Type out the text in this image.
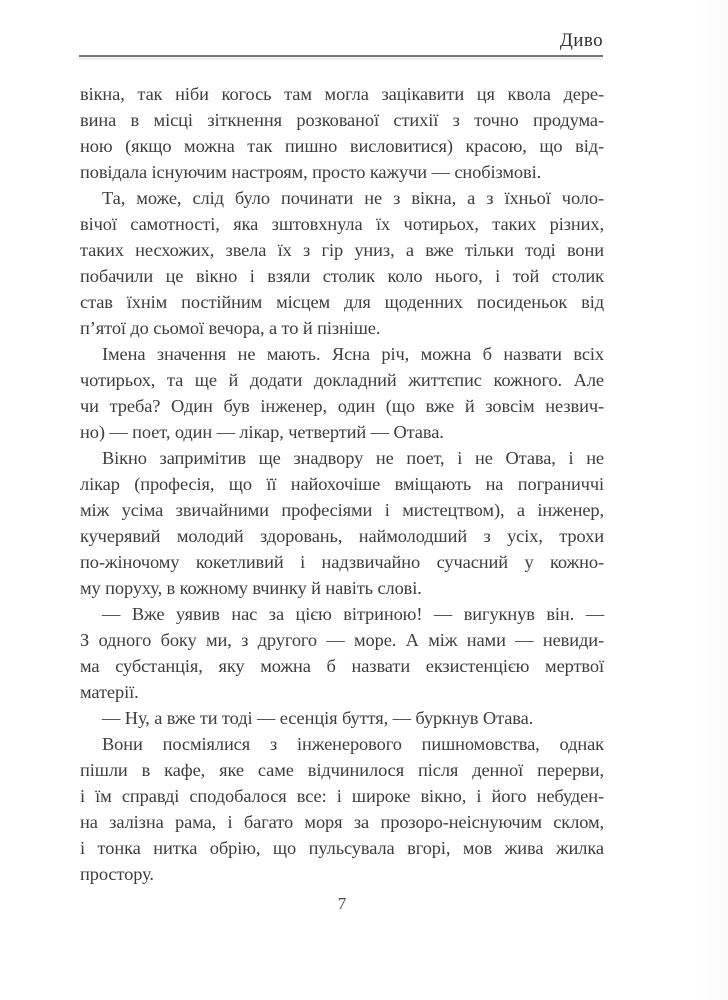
Диво
вікна, так ніби когось там могла зацікавити ця квола дере-
вина в місці зіткнення розкованої стихії з точно продума-
ною (якщо можна так пишно висловитися) красою, що від-
повідала існуючим настроям, просто кажучи — снобізмові.
Та, може, слід було починати не з вікна, а з їхньої чоло-
вічої самотності, яка зштовхнула їх чотирьох, таких різних,
таких несхожих, звела їх з гір униз, а вже тільки тоді вони
побачили це вікно і взяли столик коло нього, і той столик
став їхнім постійним місцем для щоденних посиденьок від
п’ятої до сьомої вечора, а то й пізніше.
Імена значення не мають. Ясна річ, можна б назвати всіх
чотирьох, та ще й додати докладний життєпис кожного. Але
чи треба? Один був інженер, один (що вже й зовсім незвич-
но) — поет, один — лікар, четвертий — Отава.
Вікно запримітив ще знадвору не поет, і не Отава, і не
лікар (професія, що її найохочіше вміщають на пограниччі
між усіма звичайними професіями і мистецтвом), а інженер,
кучерявий молодий здоровань, наймолодший з усіх, трохи
по-жіночому кокетливий і надзвичайно сучасний у кожно-
му поруху, в кожному вчинку й навіть слові.
— Вже уявив нас за цією вітриною! — вигукнув він. —
З одного боку ми, з другого — море. А між нами — невиди-
ма субстанція, яку можна б назвати екзистенцією мертвої
матерії.
— Ну, а вже ти тоді — есенція буття, — буркнув Отава.
Вони посміялися з інженерового пишномовства, однак
пішли в кафе, яке саме відчинилося після денної перерви,
і їм справді сподобалося все: і широке вікно, і його небуден-
на залізна рама, і багато моря за прозоро-неіснуючим склом,
і тонка нитка обрію, що пульсувала вгорі, мов жива жилка
простору.
7
